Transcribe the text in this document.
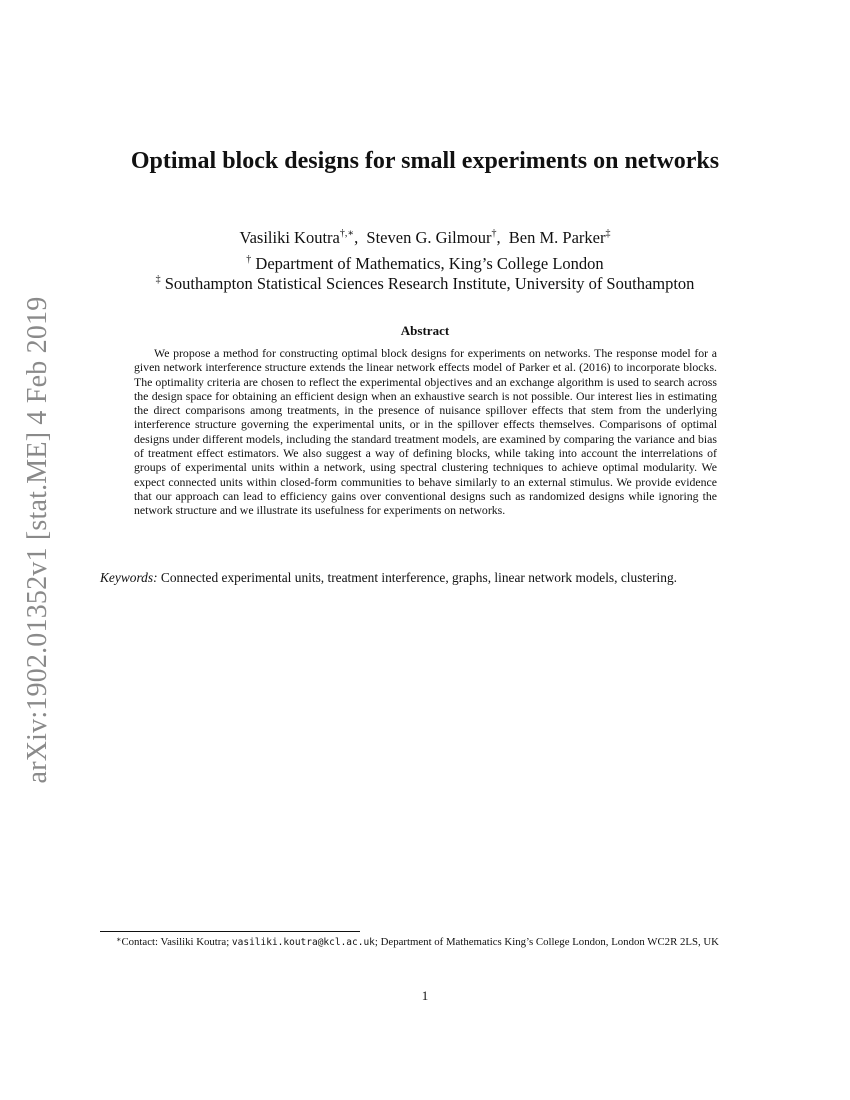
arXiv:1902.01352v1 [stat.ME] 4 Feb 2019
Optimal block designs for small experiments on networks
Vasiliki Koutra†,∗, Steven G. Gilmour†, Ben M. Parker‡
† Department of Mathematics, King’s College London
‡ Southampton Statistical Sciences Research Institute, University of Southampton
Abstract

We propose a method for constructing optimal block designs for experiments on networks. The response model for a given network interference structure extends the linear network effects model of Parker et al. (2016) to incorporate blocks. The optimality criteria are chosen to reflect the experimental objectives and an exchange algorithm is used to search across the design space for obtaining an efficient design when an exhaustive search is not possible. Our interest lies in estimating the direct comparisons among treatments, in the presence of nuisance spillover effects that stem from the underlying interference structure governing the experimental units, or in the spillover effects themselves. Comparisons of optimal designs under different models, including the standard treatment models, are examined by comparing the variance and bias of treatment effect estimators. We also suggest a way of defining blocks, while taking into account the interrelations of groups of experimental units within a network, using spectral clustering techniques to achieve optimal modularity. We expect connected units within closed-form communities to behave similarly to an external stimulus. We provide evidence that our approach can lead to efficiency gains over conventional designs such as randomized designs while ignoring the network structure and we illustrate its usefulness for experiments on networks.

Keywords: Connected experimental units, treatment interference, graphs, linear network models, clustering.
∗Contact: Vasiliki Koutra; vasiliki.koutra@kcl.ac.uk; Department of Mathematics King’s College London, London WC2R 2LS, UK
1
